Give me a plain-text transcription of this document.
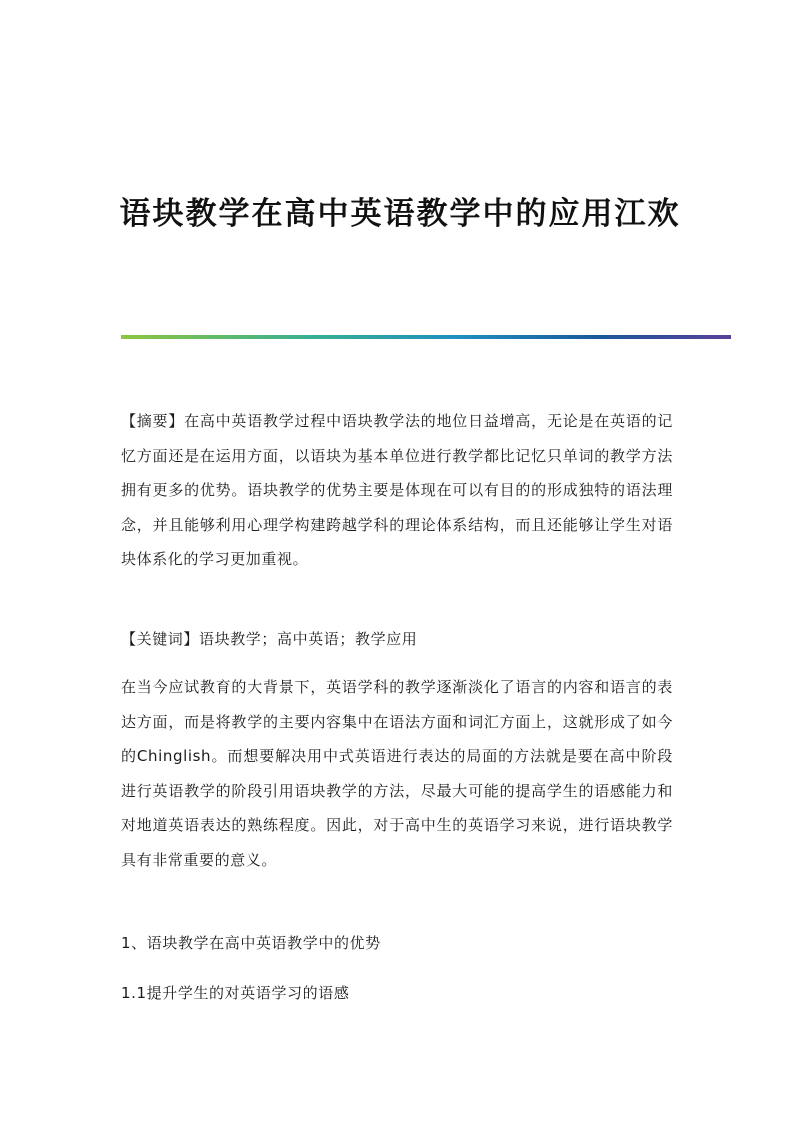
语块教学在高中英语教学中的应用江欢

【摘要】在高中英语教学过程中语块教学法的地位日益增高，无论是在英语的记忆方面还是在运用方面，以语块为基本单位进行教学都比记忆只单词的教学方法拥有更多的优势。语块教学的优势主要是体现在可以有目的的形成独特的语法理念，并且能够利用心理学构建跨越学科的理论体系结构，而且还能够让学生对语块体系化的学习更加重视。

【关键词】语块教学；高中英语；教学应用

在当今应试教育的大背景下，英语学科的教学逐渐淡化了语言的内容和语言的表达方面，而是将教学的主要内容集中在语法方面和词汇方面上，这就形成了如今的Chinglish。而想要解决用中式英语进行表达的局面的方法就是要在高中阶段进行英语教学的阶段引用语块教学的方法，尽最大可能的提高学生的语感能力和对地道英语表达的熟练程度。因此，对于高中生的英语学习来说，进行语块教学具有非常重要的意义。

1、语块教学在高中英语教学中的优势

1.1提升学生的对英语学习的语感
